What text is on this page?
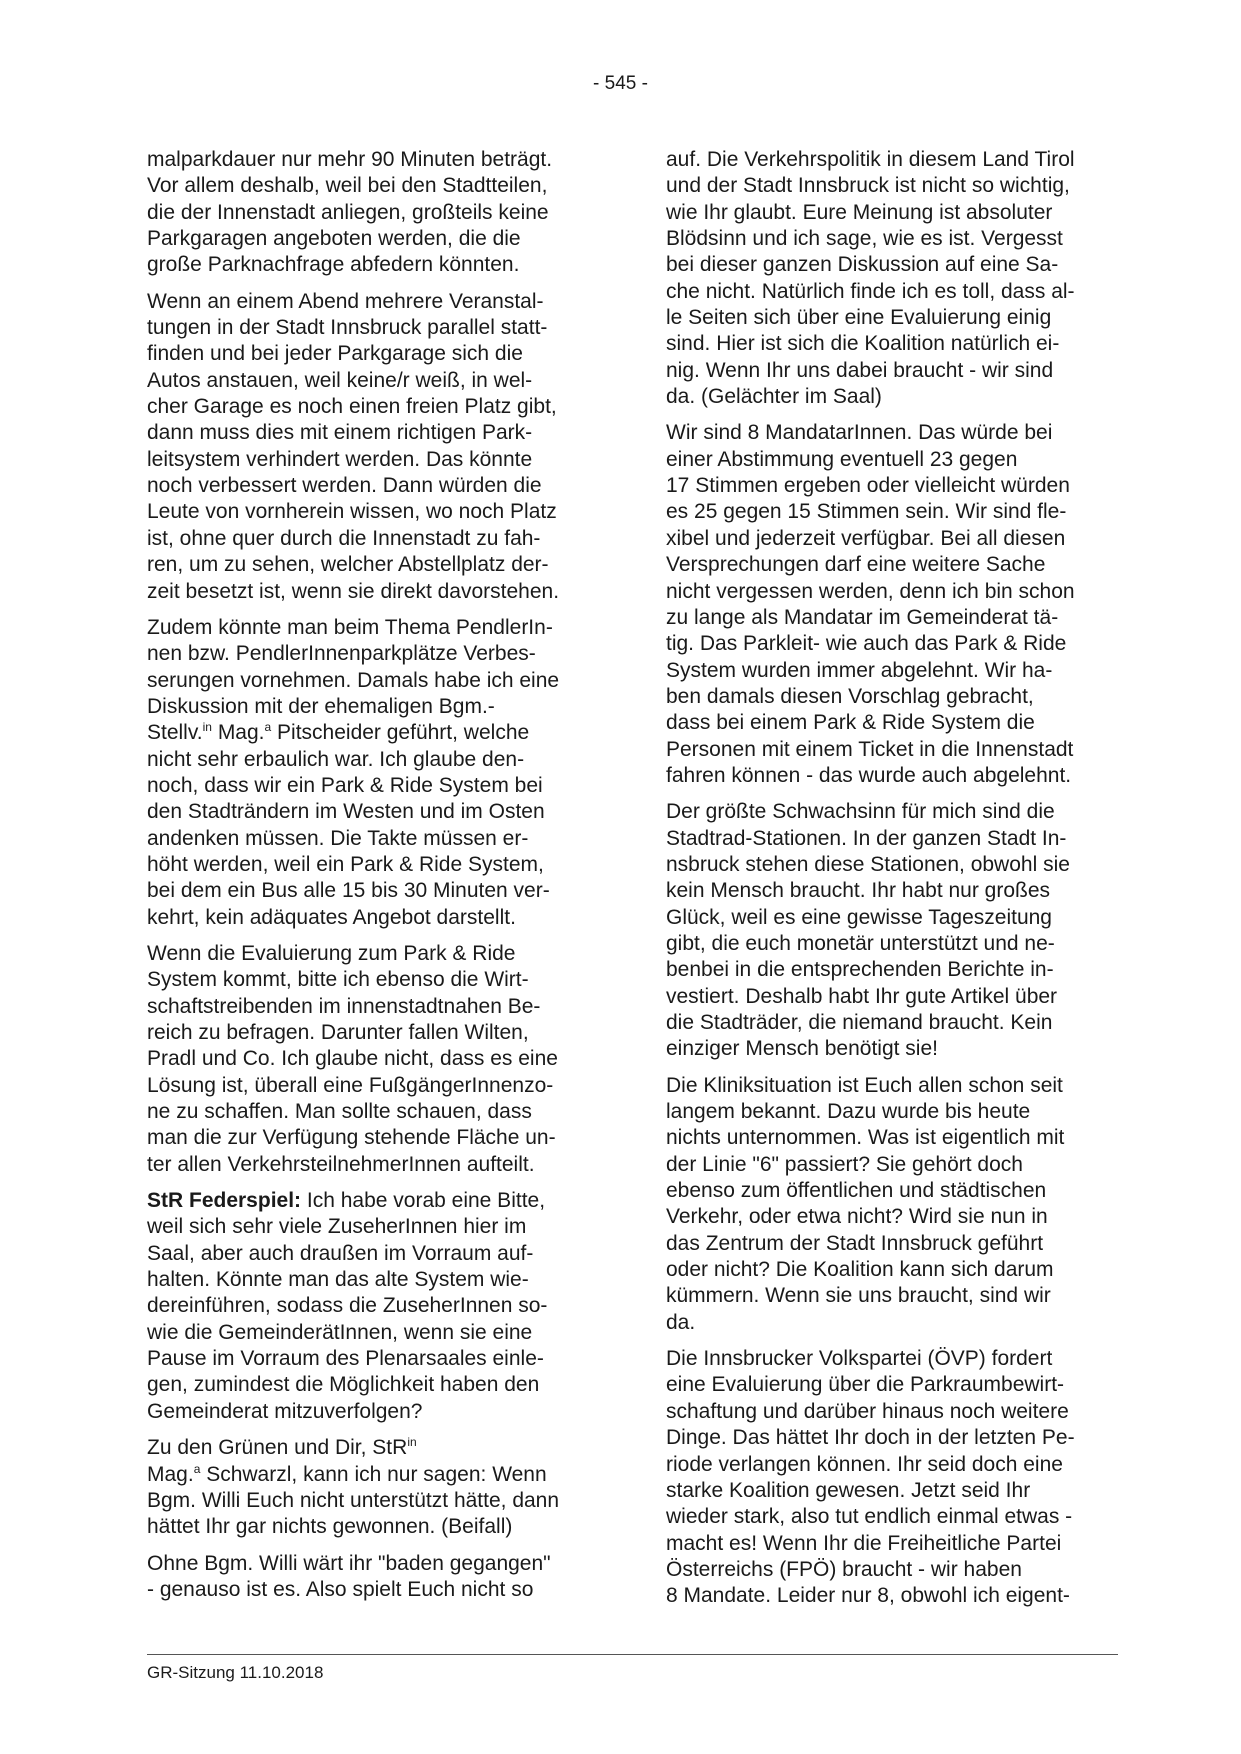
- 545 -
malparkdauer nur mehr 90 Minuten beträgt.
Vor allem deshalb, weil bei den Stadtteilen,
die der Innenstadt anliegen, großteils keine
Parkgaragen angeboten werden, die die
große Parknachfrage abfedern könnten.
Wenn an einem Abend mehrere Veranstal-
tungen in der Stadt Innsbruck parallel statt-
finden und bei jeder Parkgarage sich die
Autos anstauen, weil keine/r weiß, in wel-
cher Garage es noch einen freien Platz gibt,
dann muss dies mit einem richtigen Park-
leitsystem verhindert werden. Das könnte
noch verbessert werden. Dann würden die
Leute von vornherein wissen, wo noch Platz
ist, ohne quer durch die Innenstadt zu fah-
ren, um zu sehen, welcher Abstellplatz der-
zeit besetzt ist, wenn sie direkt davorstehen.
Zudem könnte man beim Thema PendlerIn-
nen bzw. PendlerInnenparkplätze Verbes-
serungen vornehmen. Damals habe ich eine
Diskussion mit der ehemaligen Bgm.-
Stellv.$^{in}$ Mag.$^a$ Pitscheider geführt, welche
nicht sehr erbaulich war. Ich glaube den-
noch, dass wir ein Park & Ride System bei
den Stadträndern im Westen und im Osten
andenken müssen. Die Takte müssen er-
höht werden, weil ein Park & Ride System,
bei dem ein Bus alle 15 bis 30 Minuten ver-
kehrt, kein adäquates Angebot darstellt.
Wenn die Evaluierung zum Park & Ride
System kommt, bitte ich ebenso die Wirt-
schaftstreibenden im innenstadtnahen Be-
reich zu befragen. Darunter fallen Wilten,
Pradl und Co. Ich glaube nicht, dass es eine
Lösung ist, überall eine FußgängerInnenzo-
ne zu schaffen. Man sollte schauen, dass
man die zur Verfügung stehende Fläche un-
ter allen VerkehrsteilnehmerInnen aufteilt.
StR Federspiel: Ich habe vorab eine Bitte,
weil sich sehr viele ZuseherInnen hier im
Saal, aber auch draußen im Vorraum auf-
halten. Könnte man das alte System wie-
dereinführen, sodass die ZuseherInnen so-
wie die GemeinderätInnen, wenn sie eine
Pause im Vorraum des Plenarsaales einle-
gen, zumindest die Möglichkeit haben den
Gemeinderat mitzuverfolgen?
Zu den Grünen und Dir, StR$^{in}$
Mag.$^a$ Schwarzl, kann ich nur sagen: Wenn
Bgm. Willi Euch nicht unterstützt hätte, dann
hättet Ihr gar nichts gewonnen. (Beifall)
Ohne Bgm. Willi wärt ihr "baden gegangen"
- genauso ist es. Also spielt Euch nicht so
auf. Die Verkehrspolitik in diesem Land Tirol
und der Stadt Innsbruck ist nicht so wichtig,
wie Ihr glaubt. Eure Meinung ist absoluter
Blödsinn und ich sage, wie es ist. Vergesst
bei dieser ganzen Diskussion auf eine Sa-
che nicht. Natürlich finde ich es toll, dass al-
le Seiten sich über eine Evaluierung einig
sind. Hier ist sich die Koalition natürlich ei-
nig. Wenn Ihr uns dabei braucht - wir sind
da. (Gelächter im Saal)
Wir sind 8 MandatarInnen. Das würde bei
einer Abstimmung eventuell 23 gegen
17 Stimmen ergeben oder vielleicht würden
es 25 gegen 15 Stimmen sein. Wir sind fle-
xibel und jederzeit verfügbar. Bei all diesen
Versprechungen darf eine weitere Sache
nicht vergessen werden, denn ich bin schon
zu lange als Mandatar im Gemeinderat tä-
tig. Das Parkleit- wie auch das Park & Ride
System wurden immer abgelehnt. Wir ha-
ben damals diesen Vorschlag gebracht,
dass bei einem Park & Ride System die
Personen mit einem Ticket in die Innenstadt
fahren können - das wurde auch abgelehnt.
Der größte Schwachsinn für mich sind die
Stadtrad-Stationen. In der ganzen Stadt In-
nsbruck stehen diese Stationen, obwohl sie
kein Mensch braucht. Ihr habt nur großes
Glück, weil es eine gewisse Tageszeitung
gibt, die euch monetär unterstützt und ne-
benbei in die entsprechenden Berichte in-
vestiert. Deshalb habt Ihr gute Artikel über
die Stadträder, die niemand braucht. Kein
einziger Mensch benötigt sie!
Die Kliniksituation ist Euch allen schon seit
langem bekannt. Dazu wurde bis heute
nichts unternommen. Was ist eigentlich mit
der Linie "6" passiert? Sie gehört doch
ebenso zum öffentlichen und städtischen
Verkehr, oder etwa nicht? Wird sie nun in
das Zentrum der Stadt Innsbruck geführt
oder nicht? Die Koalition kann sich darum
kümmern. Wenn sie uns braucht, sind wir
da.
Die Innsbrucker Volkspartei (ÖVP) fordert
eine Evaluierung über die Parkraumbewirt-
schaftung und darüber hinaus noch weitere
Dinge. Das hättet Ihr doch in der letzten Pe-
riode verlangen können. Ihr seid doch eine
starke Koalition gewesen. Jetzt seid Ihr
wieder stark, also tut endlich einmal etwas -
macht es! Wenn Ihr die Freiheitliche Partei
Österreichs (FPÖ) braucht - wir haben
8 Mandate. Leider nur 8, obwohl ich eigent-
GR-Sitzung 11.10.2018
